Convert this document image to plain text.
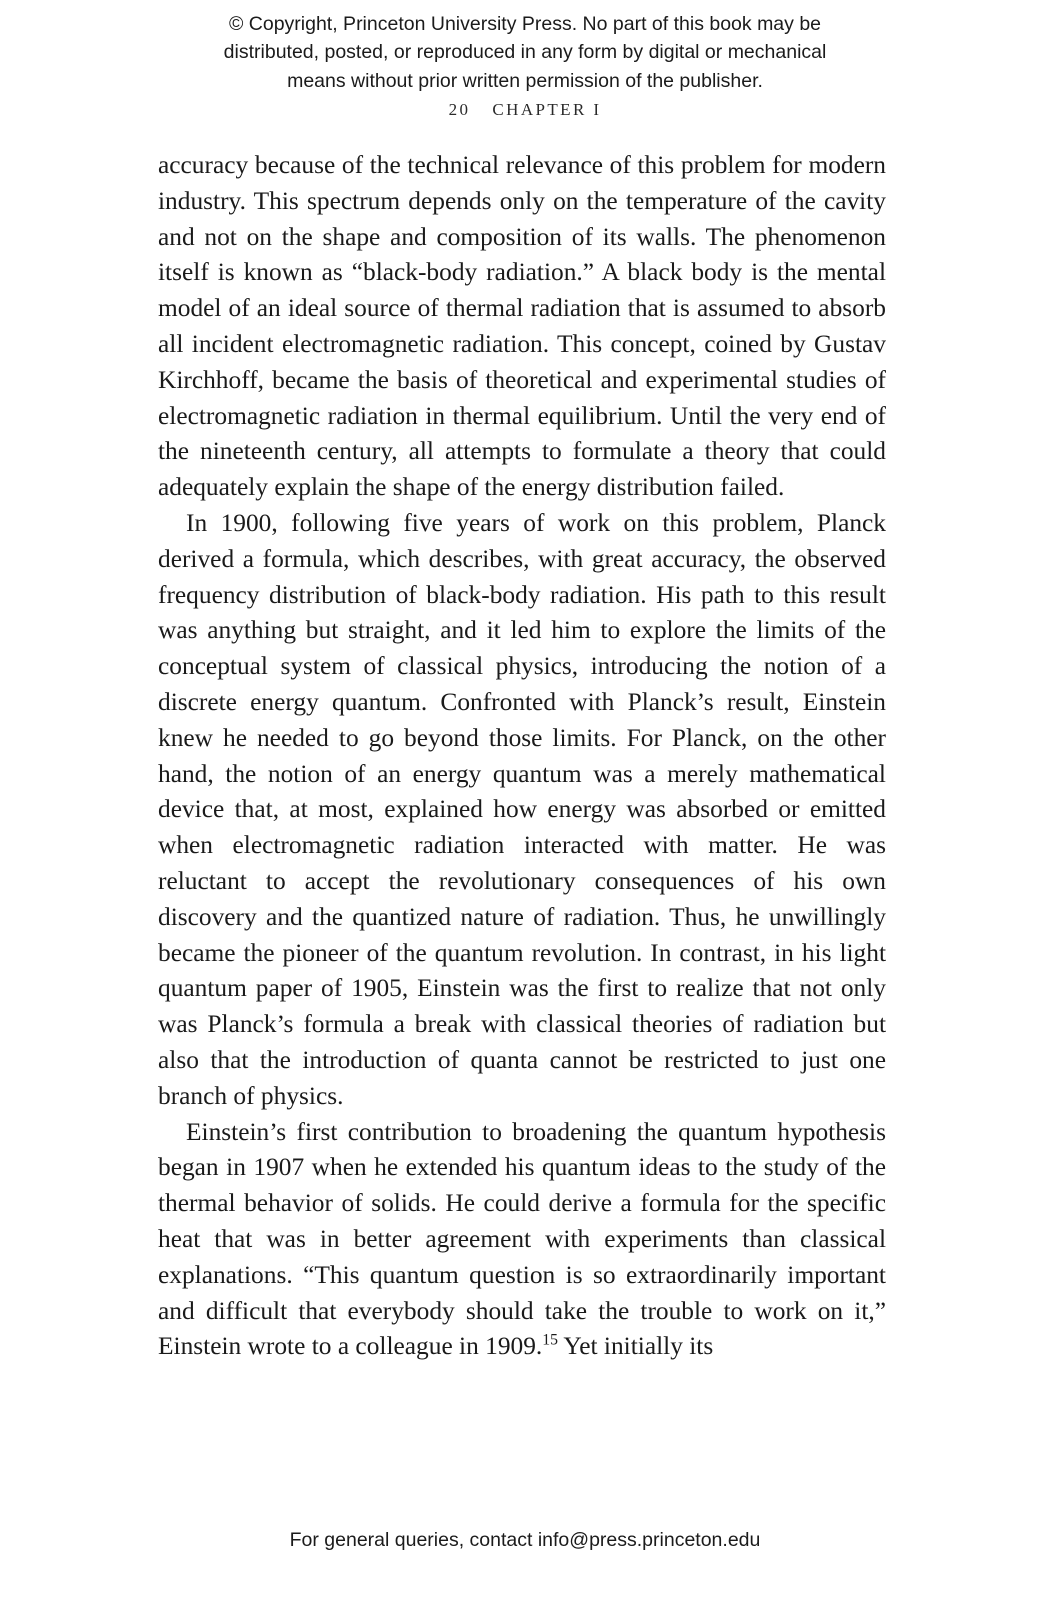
© Copyright, Princeton University Press. No part of this book may be
distributed, posted, or reproduced in any form by digital or mechanical
means without prior written permission of the publisher.
20 CHAPTER I

accuracy because of the technical relevance of this problem for modern industry. This spectrum depends only on the temperature of the cavity and not on the shape and composition of its walls. The phenomenon itself is known as “black-body radiation.” A black body is the mental model of an ideal source of thermal radiation that is assumed to absorb all incident electromagnetic radiation. This concept, coined by Gustav Kirchhoff, became the basis of theoretical and experimental studies of electromagnetic radiation in thermal equilibrium. Until the very end of the nineteenth century, all attempts to formulate a theory that could adequately explain the shape of the energy distribution failed.

In 1900, following five years of work on this problem, Planck derived a formula, which describes, with great accuracy, the observed frequency distribution of black-body radiation. His path to this result was anything but straight, and it led him to explore the limits of the conceptual system of classical physics, introducing the notion of a discrete energy quantum. Confronted with Planck’s result, Einstein knew he needed to go beyond those limits. For Planck, on the other hand, the notion of an energy quantum was a merely mathematical device that, at most, explained how energy was absorbed or emitted when electromagnetic radiation interacted with matter. He was reluctant to accept the revolutionary consequences of his own discovery and the quantized nature of radiation. Thus, he unwillingly became the pioneer of the quantum revolution. In contrast, in his light quantum paper of 1905, Einstein was the first to realize that not only was Planck’s formula a break with classical theories of radiation but also that the introduction of quanta cannot be restricted to just one branch of physics.

Einstein’s first contribution to broadening the quantum hypothesis began in 1907 when he extended his quantum ideas to the study of the thermal behavior of solids. He could derive a formula for the specific heat that was in better agreement with experiments than classical explanations. “This quantum question is so extraordinarily important and difficult that everybody should take the trouble to work on it,” Einstein wrote to a colleague in 1909.15 Yet initially its

For general queries, contact info@press.princeton.edu
